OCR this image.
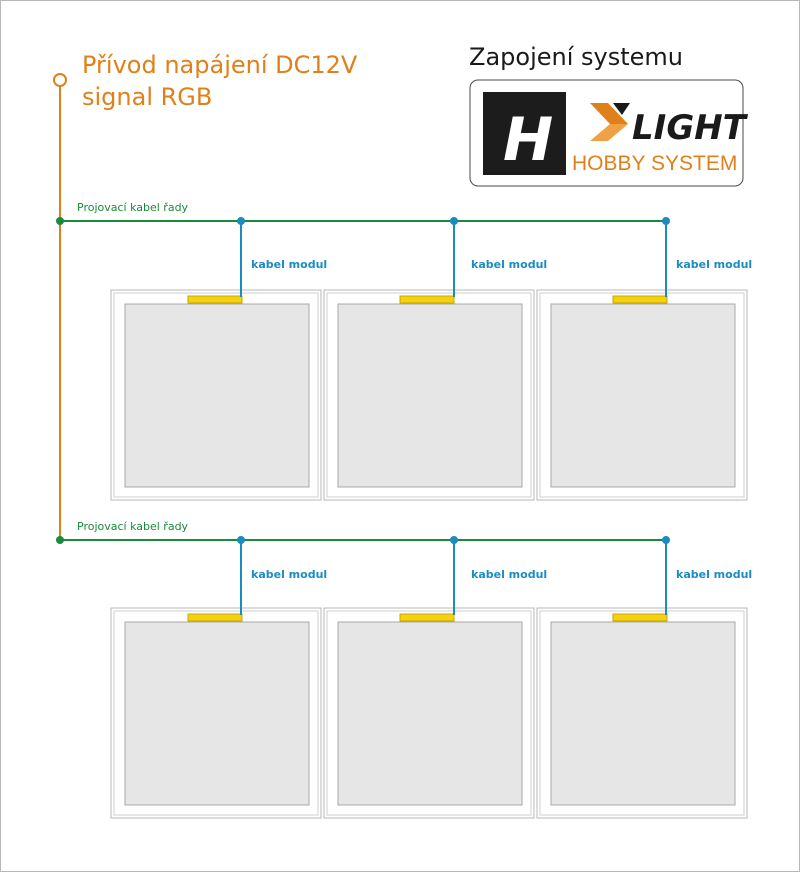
Přívod napájení DC12V
signal RGB
Zapojení systemu
H LIGHT
HOBBY SYSTEM
Projovací kabel řady
kabel modul	kabel modul	kabel modul
Projovací kabel řady
kabel modul	kabel modul	kabel modul
